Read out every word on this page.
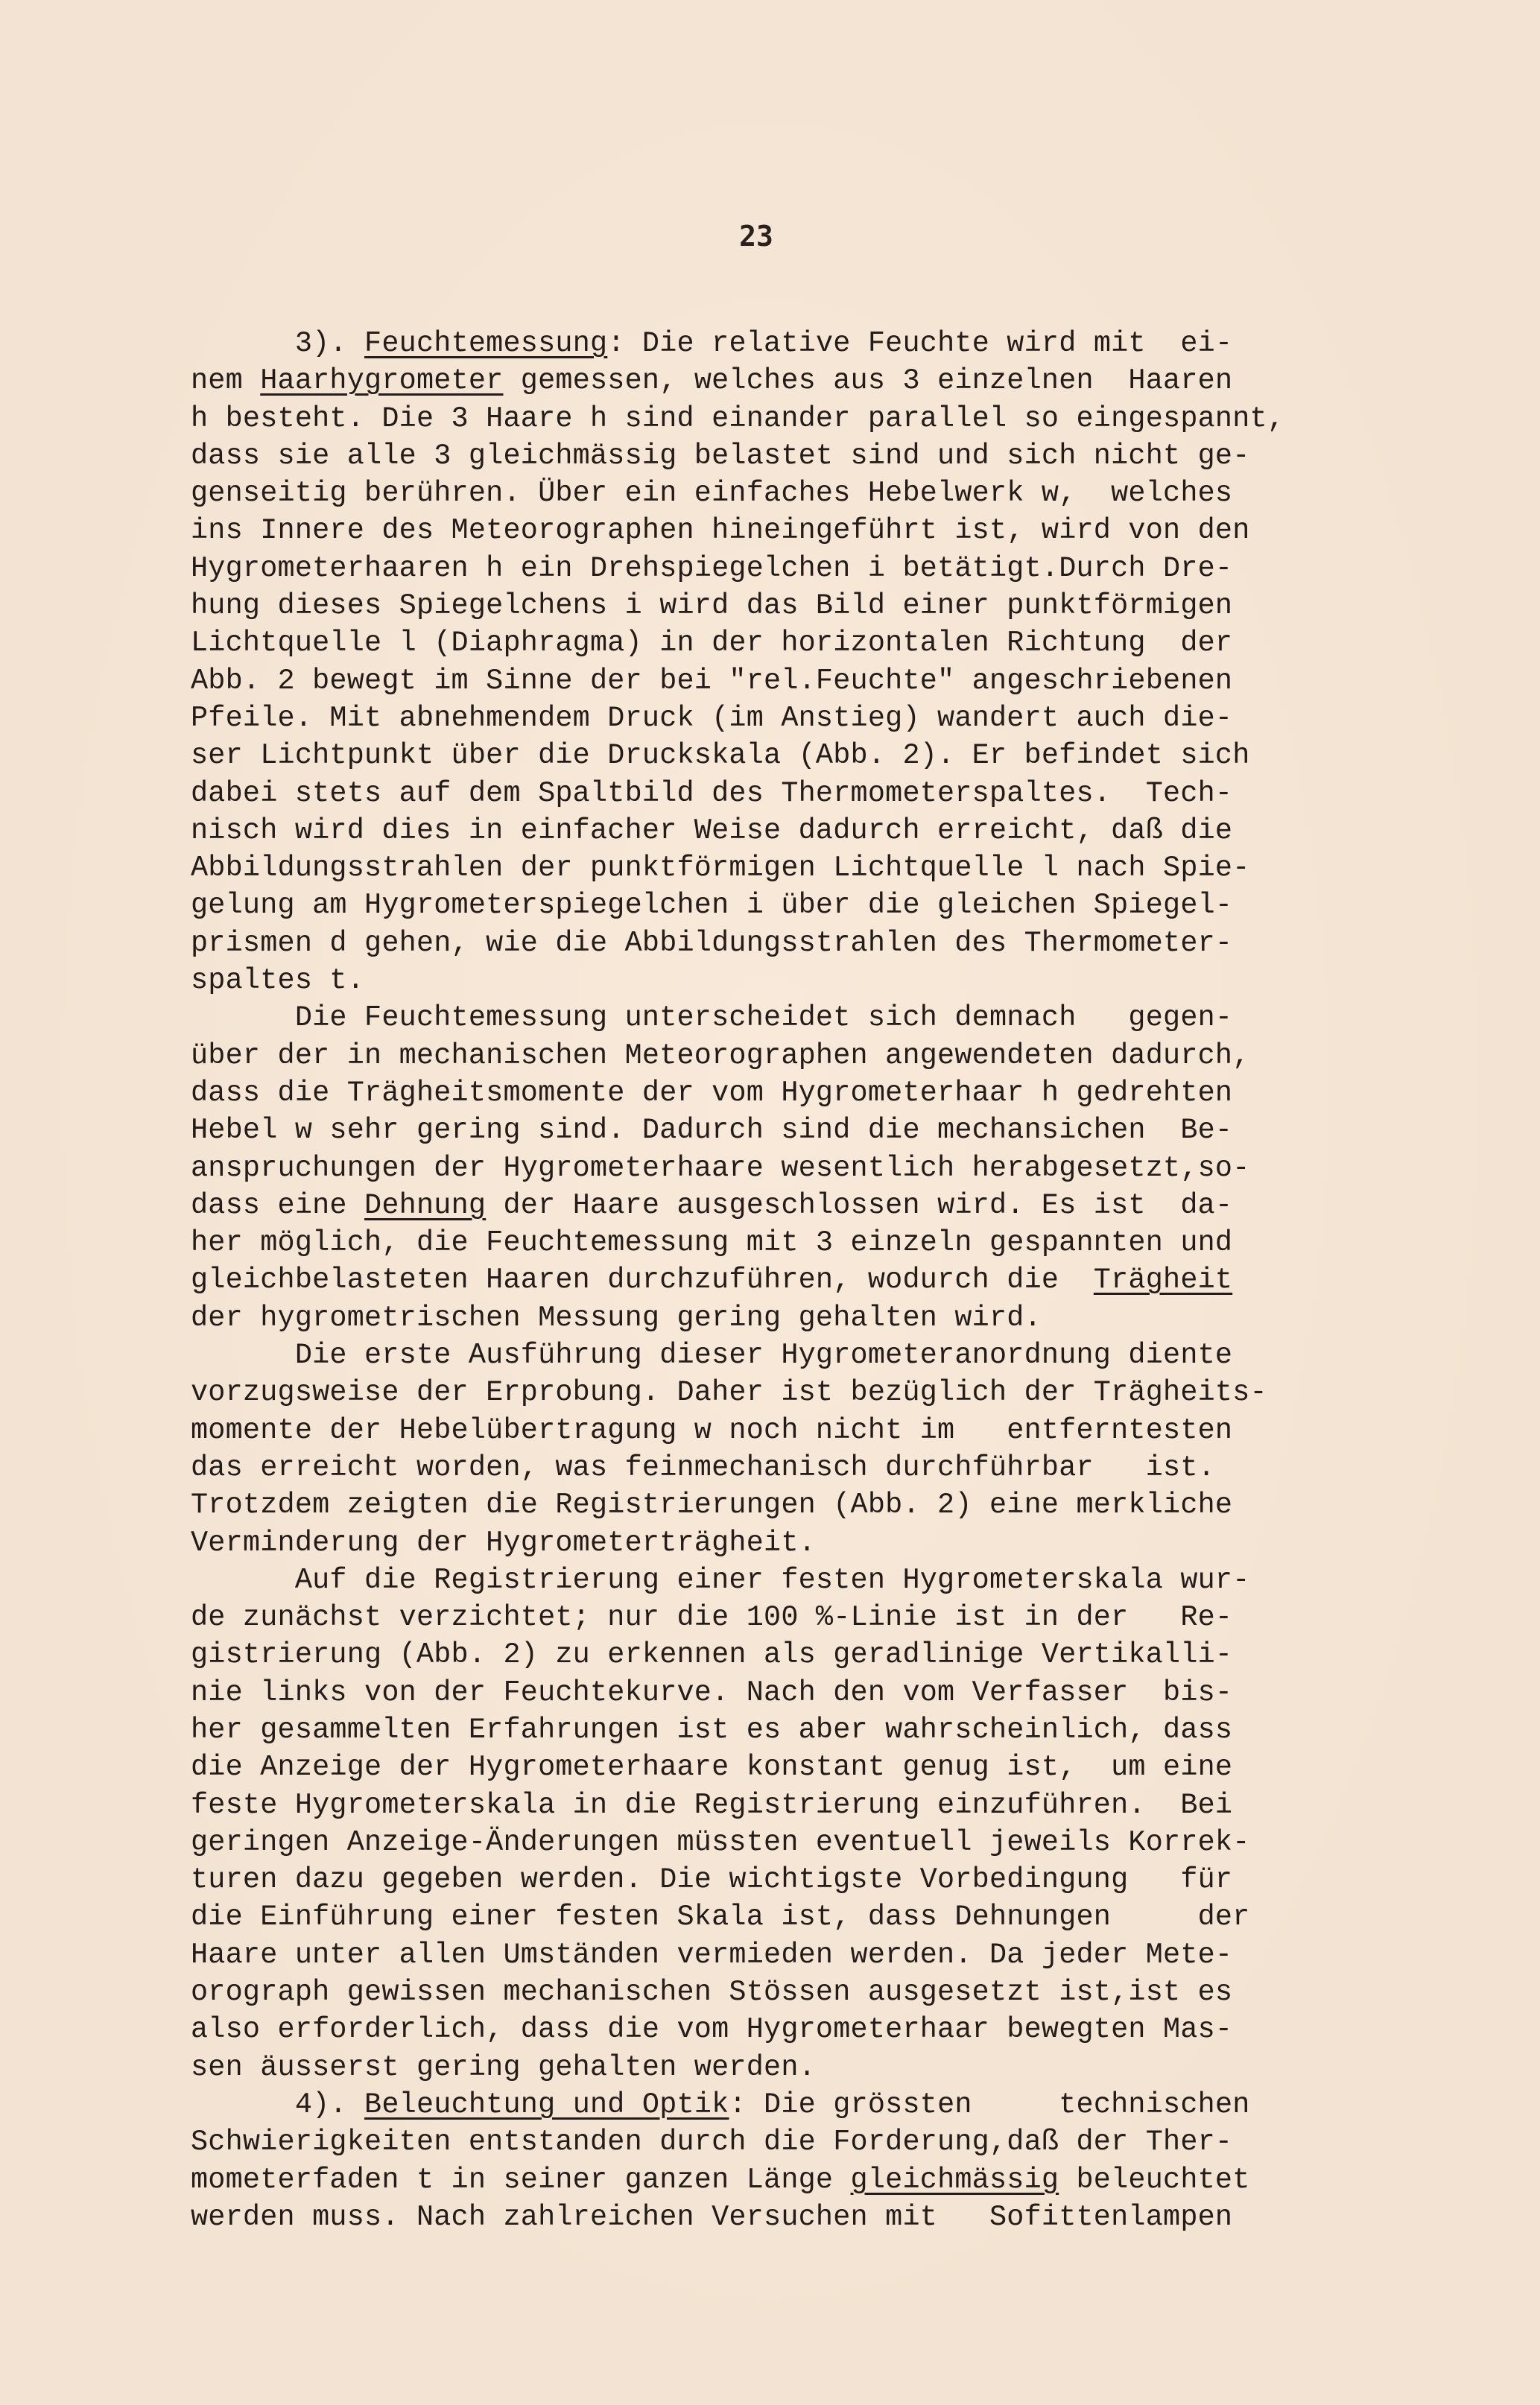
23
3). Feuchtemessung: Die relative Feuchte wird mit  ei-
nem Haarhygrometer gemessen, welches aus 3 einzelnen  Haaren
h besteht. Die 3 Haare h sind einander parallel so eingespannt,
dass sie alle 3 gleichmässig belastet sind und sich nicht ge-
genseitig berühren. Über ein einfaches Hebelwerk w,  welches
ins Innere des Meteorographen hineingeführt ist, wird von den
Hygrometerhaaren h ein Drehspiegelchen i betätigt.Durch Dre-
hung dieses Spiegelchens i wird das Bild einer punktförmigen
Lichtquelle l (Diaphragma) in der horizontalen Richtung  der
Abb. 2 bewegt im Sinne der bei "rel.Feuchte" angeschriebenen
Pfeile. Mit abnehmendem Druck (im Anstieg) wandert auch die-
ser Lichtpunkt über die Druckskala (Abb. 2). Er befindet sich
dabei stets auf dem Spaltbild des Thermometerspaltes.  Tech-
nisch wird dies in einfacher Weise dadurch erreicht, daß die
Abbildungsstrahlen der punktförmigen Lichtquelle l nach Spie-
gelung am Hygrometerspiegelchen i über die gleichen Spiegel-
prismen d gehen, wie die Abbildungsstrahlen des Thermometer-
spaltes t.
Die Feuchtemessung unterscheidet sich demnach   gegen-
über der in mechanischen Meteorographen angewendeten dadurch,
dass die Trägheitsmomente der vom Hygrometerhaar h gedrehten
Hebel w sehr gering sind. Dadurch sind die mechansichen  Be-
anspruchungen der Hygrometerhaare wesentlich herabgesetzt,so-
dass eine Dehnung der Haare ausgeschlossen wird. Es ist  da-
her möglich, die Feuchtemessung mit 3 einzeln gespannten und
gleichbelasteten Haaren durchzuführen, wodurch die  Trägheit
der hygrometrischen Messung gering gehalten wird.
Die erste Ausführung dieser Hygrometeranordnung diente
vorzugsweise der Erprobung. Daher ist bezüglich der Trägheits-
momente der Hebelübertragung w noch nicht im   entferntesten
das erreicht worden, was feinmechanisch durchführbar   ist.
Trotzdem zeigten die Registrierungen (Abb. 2) eine merkliche
Verminderung der Hygrometerträgheit.
Auf die Registrierung einer festen Hygrometerskala wur-
de zunächst verzichtet; nur die 100 %-Linie ist in der   Re-
gistrierung (Abb. 2) zu erkennen als geradlinige Vertikalli-
nie links von der Feuchtekurve. Nach den vom Verfasser  bis-
her gesammelten Erfahrungen ist es aber wahrscheinlich, dass
die Anzeige der Hygrometerhaare konstant genug ist,  um eine
feste Hygrometerskala in die Registrierung einzuführen.  Bei
geringen Anzeige-Änderungen müssten eventuell jeweils Korrek-
turen dazu gegeben werden. Die wichtigste Vorbedingung   für
die Einführung einer festen Skala ist, dass Dehnungen     der
Haare unter allen Umständen vermieden werden. Da jeder Mete-
orograph gewissen mechanischen Stössen ausgesetzt ist,ist es
also erforderlich, dass die vom Hygrometerhaar bewegten Mas-
sen äusserst gering gehalten werden.
4). Beleuchtung und Optik: Die grössten     technischen
Schwierigkeiten entstanden durch die Forderung,daß der Ther-
mometerfaden t in seiner ganzen Länge gleichmässig beleuchtet
werden muss. Nach zahlreichen Versuchen mit   Sofittenlampen
